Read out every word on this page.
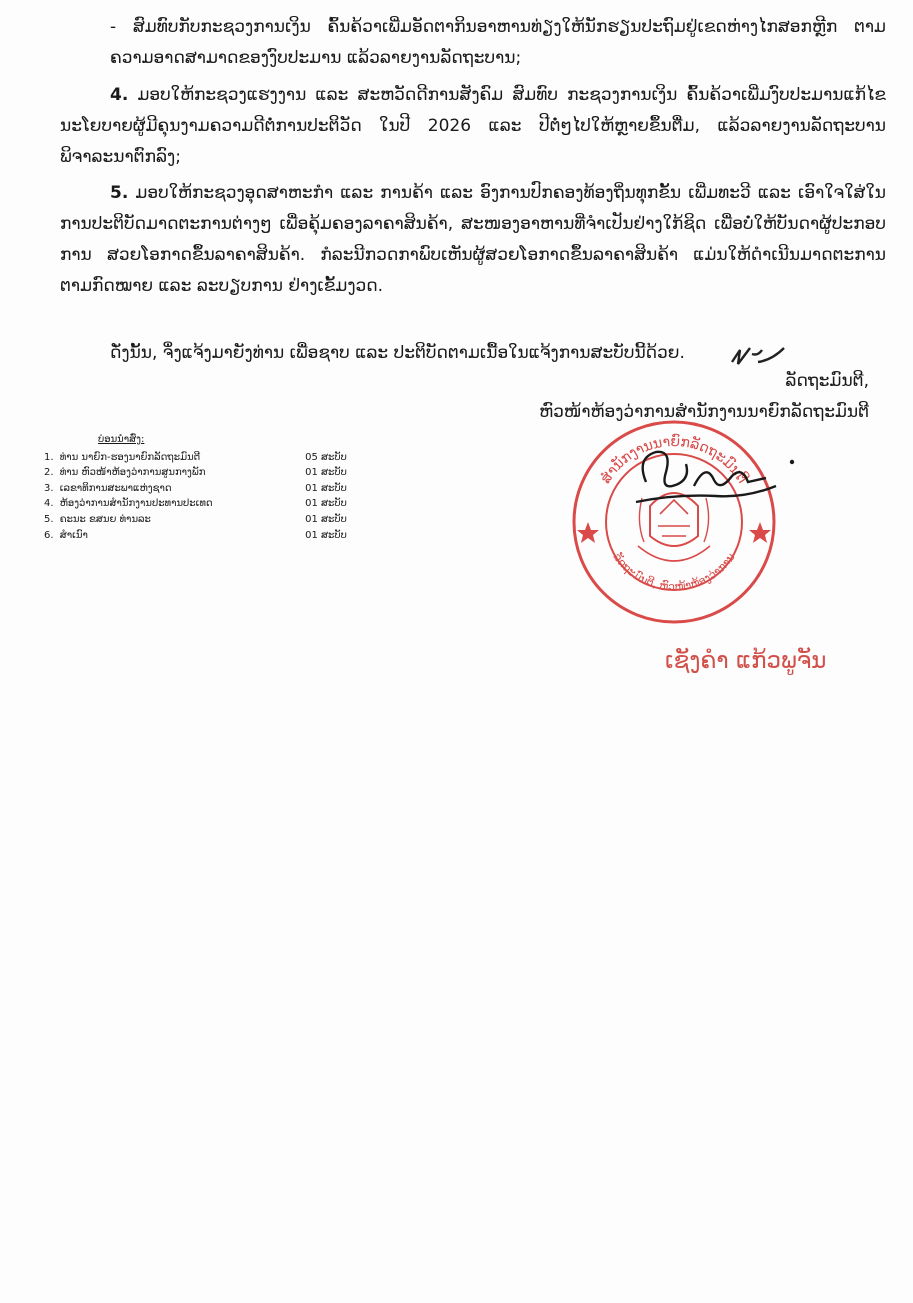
- ສົມທົບກັບກະຊວງການເງິນ ຄົ້ນຄ້ວາເພີ່ມອັດຕາກິນອາຫານທ່ຽງໃຫ້ນັກຮຽນປະຖົມຢູ່ເຂດຫ່າງໄກສອກຫຼີກ ຕາມຄວາມອາດສາມາດຂອງງົບປະມານ ແລ້ວລາຍງານລັດຖະບານ;
4. ມອບໃຫ້ກະຊວງແຮງງານ ແລະ ສະຫວັດດີການສັງຄົມ ສົມທົບ ກະຊວງການເງິນ ຄົ້ນຄ້ວາເພີ່ມງົບປະມານແກ້ໄຂນະໂຍບາຍຜູ້ມີຄຸນງາມຄວາມດີຕໍ່ການປະຕິວັດ ໃນປີ 2026 ແລະ ປີຕໍ່ໆໄປໃຫ້ຫຼາຍຂຶ້ນຕື່ມ, ແລ້ວລາຍງານລັດຖະບານ ພິຈາລະນາຕົກລົງ;
5. ມອບໃຫ້ກະຊວງອຸດສາຫະກໍາ ແລະ ການຄ້າ ແລະ ອົງການປົກຄອງທ້ອງຖິ່ນທຸກຂັ້ນ ເພີ່ມທະວີ ແລະ ເອົາໃຈໃສ່ໃນການປະຕິບັດມາດຕະການຕ່າງໆ ເພື່ອຄຸ້ມຄອງລາຄາສິນຄ້າ, ສະໜອງອາຫານທີ່ຈໍາເປັນຢ່າງໃກ້ຊິດ ເພື່ອບໍ່ໃຫ້ບັນດາຜູ້ປະກອບການ ສວຍໂອກາດຂຶ້ນລາຄາສິນຄ້າ. ກໍລະນີກວດກາພົບເຫັນຜູ້ສວຍໂອກາດຂຶ້ນລາຄາສິນຄ້າ ແມ່ນໃຫ້ດໍາເນີນມາດຕະການຕາມກົດໝາຍ ແລະ ລະບຽບການ ຢ່າງເຂັ້ມງວດ.
ດັ່ງນັ້ນ, ຈຶ່ງແຈ້ງມາຍັງທ່ານ ເພື່ອຊາບ ແລະ ປະຕິບັດຕາມເນື້ອໃນແຈ້ງການສະບັບນີ້ດ້ວຍ.
ລັດຖະມົນຕີ,
ຫົວໜ້າຫ້ອງວ່າການສໍານັກງານນາຍົກລັດຖະມົນຕີ
ບ່ອນນໍາສົ່ງ:
1. ທ່ານ ນາຍົກ-ຮອງນາຍົກລັດຖະມົນຕີ	05 ສະບັບ
2. ທ່ານ ຫົວໜ້າຫ້ອງວ່າການສູນກາງພັກ	01 ສະບັບ
3. ເລຂາທິການສະພາແຫ່ງຊາດ	01 ສະບັບ
4. ຫ້ອງວ່າການສໍານັກງານປະທານປະເທດ	01 ສະບັບ
5. ຄະນະ ຂສນຍ ທ່ານລະ	01 ສະບັບ
6. ສໍາເນົາ	01 ສະບັບ
ສໍານັກງານນາຍົກລັດຖະມົນຕີ
ລັດຖະມົນຕີ, ຫົວໜ້າຫ້ອງວ່າການ
ເຊັງຄໍາ ແກ້ວພູຈັນ
